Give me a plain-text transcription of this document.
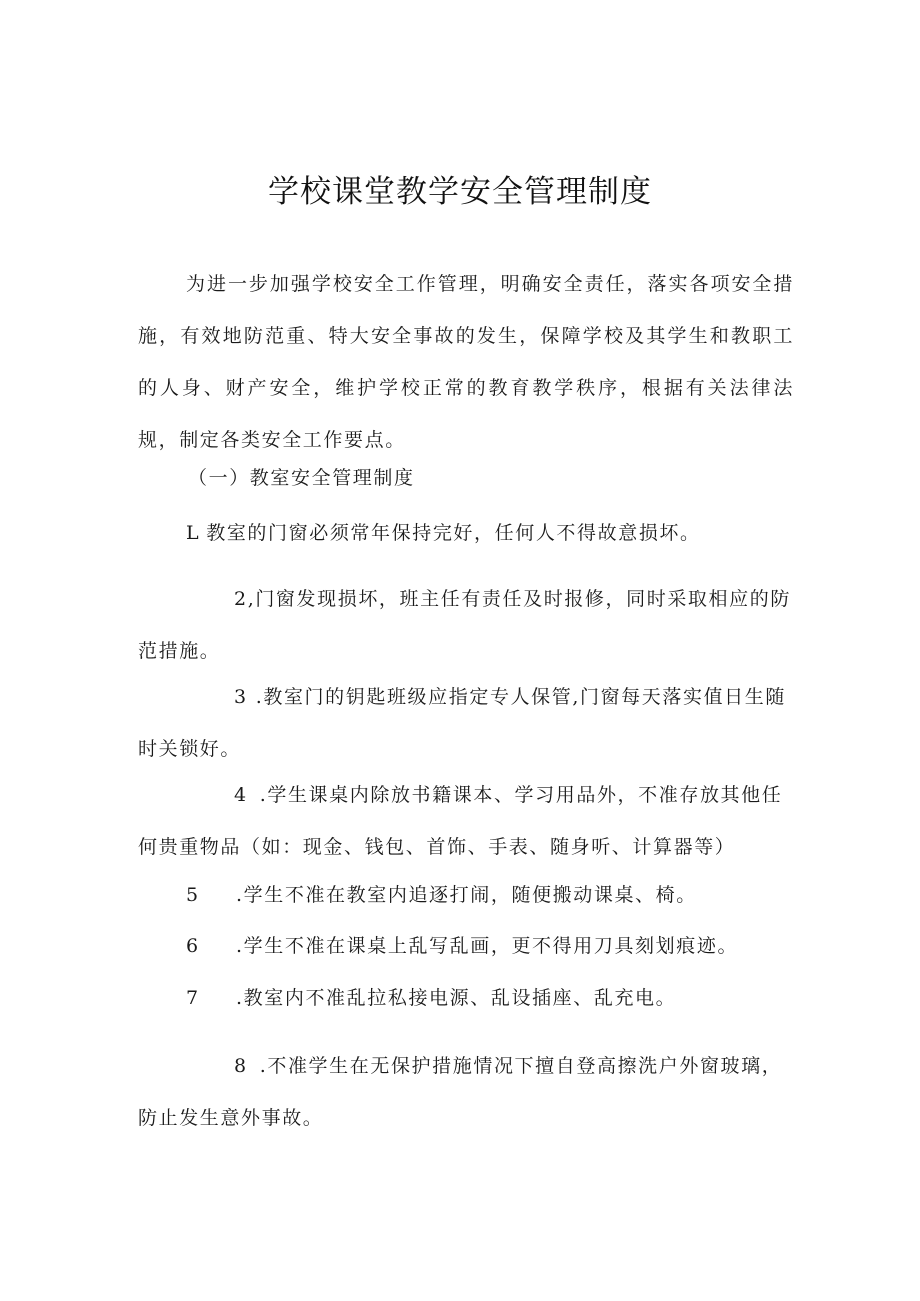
学校课堂教学安全管理制度

为进一步加强学校安全工作管理，明确安全责任，落实各项安全措施，有效地防范重、特大安全事故的发生，保障学校及其学生和教职工的人身、财产安全，维护学校正常的教育教学秩序，根据有关法律法规，制定各类安全工作要点。

（一）教室安全管理制度

L 教室的门窗必须常年保持完好，任何人不得故意损坏。

2,门窗发现损坏，班主任有责任及时报修，同时采取相应的防范措施。

3 .教室门的钥匙班级应指定专人保管,门窗每天落实值日生随时关锁好。

4 .学生课桌内除放书籍课本、学习用品外，不准存放其他任何贵重物品（如：现金、钱包、首饰、手表、随身听、计算器等）

5 .学生不准在教室内追逐打闹，随便搬动课桌、椅。

6 .学生不准在课桌上乱写乱画，更不得用刀具刻划痕迹。

7 .教室内不准乱拉私接电源、乱设插座、乱充电。

8 .不准学生在无保护措施情况下擅自登高擦洗户外窗玻璃，防止发生意外事故。
